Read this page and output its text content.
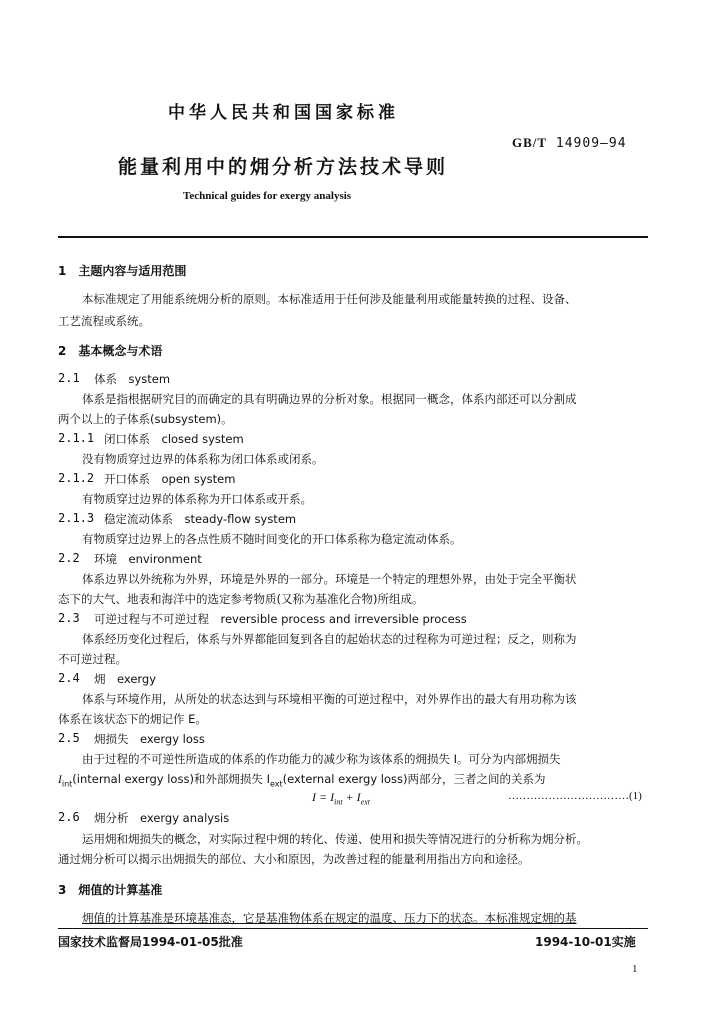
中华人民共和国国家标准
GB/T 14909—94
能量利用中的㶲分析方法技术导则
Technical guides for exergy analysis
1　主题内容与适用范围
本标准规定了用能系统㶲分析的原则。本标准适用于任何涉及能量利用或能量转换的过程、设备、
工艺流程或系统。
2　基本概念与术语
2.1 体系　system
体系是指根据研究目的而确定的具有明确边界的分析对象。根据同一概念，体系内部还可以分割成
两个以上的子体系(subsystem)。
2.1.1 闭口体系　closed system
没有物质穿过边界的体系称为闭口体系或闭系。
2.1.2 开口体系　open system
有物质穿过边界的体系称为开口体系或开系。
2.1.3 稳定流动体系　steady-flow system
有物质穿过边界上的各点性质不随时间变化的开口体系称为稳定流动体系。
2.2 环境　environment
体系边界以外统称为外界，环境是外界的一部分。环境是一个特定的理想外界，由处于完全平衡状
态下的大气、地表和海洋中的选定参考物质(又称为基准化合物)所组成。
2.3 可逆过程与不可逆过程　reversible process and irreversible process
体系经历变化过程后，体系与外界都能回复到各自的起始状态的过程称为可逆过程；反之，则称为
不可逆过程。
2.4 㶲　exergy
体系与环境作用，从所处的状态达到与环境相平衡的可逆过程中，对外界作出的最大有用功称为该
体系在该状态下的㶲记作 E。
2.5 㶲损失　exergy loss
由于过程的不可逆性所造成的体系的作功能力的减少称为该体系的㶲损失 I。可分为内部㶲损失
$I_{int}(internal$ exergy loss)和外部㶲损失 $I_{ext}(external$ exergy loss)两部分，三者之间的关系为
$I = I_{int} + I_{ext}$	……………………………(1)
2.6 㶲分析　exergy analysis
运用㶲和㶲损失的概念，对实际过程中㶲的转化、传递、使用和损失等情况进行的分析称为㶲分析。
通过㶲分析可以揭示出㶲损失的部位、大小和原因，为改善过程的能量利用指出方向和途径。
3　㶲值的计算基准
㶲值的计算基准是环境基准态，它是基准物体系在规定的温度、压力下的状态。本标准规定㶲的基
国家技术监督局1994-01-05批准	1994-10-01实施
1
